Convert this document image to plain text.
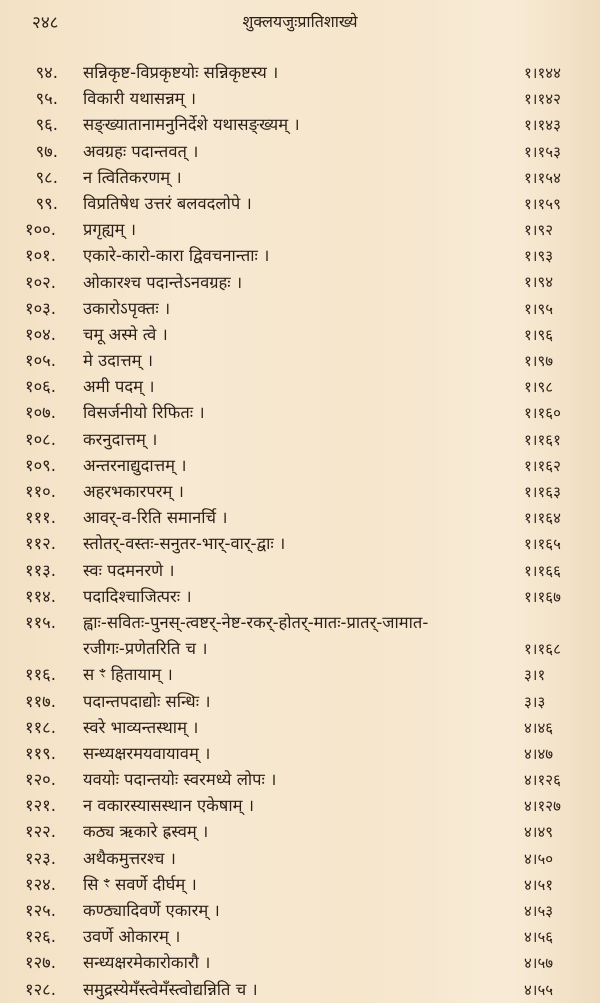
२४८	शुक्लयजुःप्रातिशाख्ये
९४. सन्निकृष्ट-विप्रकृष्टयोः सन्निकृष्टस्य ।	१।१४४
९५. विकारी यथासन्नम् ।	१।१४२
९६. सङ्ख्यातानामनुनिर्देशे यथासङ्ख्यम् ।	१।१४३
९७. अवग्रहः पदान्तवत् ।	१।१५३
९८. न त्वितिकरणम् ।	१।१५४
९९. विप्रतिषेध उत्तरं बलवदलोपे ।	१।१५९
१००. प्रगृह्यम् ।	१।९२
१०१. एकारे-कारो-कारा द्विवचनान्ताः ।	१।९३
१०२. ओकारश्च पदान्तेऽनवग्रहः ।	१।९४
१०३. उकारोऽपृक्तः ।	१।९५
१०४. चमू अस्मे त्वे ।	१।९६
१०५. मे उदात्तम् ।	१।९७
१०६. अमी पदम् ।	१।९८
१०७. विसर्जनीयो रिफितः ।	१।१६०
१०८. करनुदात्तम् ।	१।१६१
१०९. अन्तरनाद्युदात्तम् ।	१।१६२
११०. अहरभकारपरम् ।	१।१६३
१११. आवर्-व-रिति समानर्चि ।	१।१६४
११२. स्तोतर्-वस्तः-सनुतर-भार्-वार्-द्वाः ।	१।१६५
११३. स्वः पदमनरणे ।	१।१६६
११४. पदादिश्चाजित्परः ।	१।१६७
११५. ह्वाः-सवितः-पुनस्-त्वष्टर्-नेष्ट-रकर्-होतर्-मातः-प्रातर्-जामात-
रजीगः-प्रणेतरिति च ।	१।१६८
११६. स ꣳ हितायाम् ।	३।१
११७. पदान्तपदाद्योः सन्धिः ।	३।३
११८. स्वरे भाव्यन्तस्थाम् ।	४।४६
११९. सन्ध्यक्षरमयवायावम् ।	४।४७
१२०. यवयोः पदान्तयोः स्वरमध्ये लोपः ।	४।१२६
१२१. न वकारस्यासस्थान एकेषाम् ।	४।१२७
१२२. कठ्य ऋकारे ह्रस्वम् ।	४।४९
१२३. अथैकमुत्तरश्च ।	४।५०
१२४. सि ꣳ सवर्णे दीर्घम् ।	४।५१
१२५. कण्ठ्यादिवर्णे एकारम् ।	४।५३
१२६. उवर्णे ओकारम् ।	४।५६
१२७. सन्ध्यक्षरमेकारोकारौ ।	४।५७
१२८. समुद्रस्येमँस्त्वेमँस्त्वोद्यन्निति च ।	४।५५
